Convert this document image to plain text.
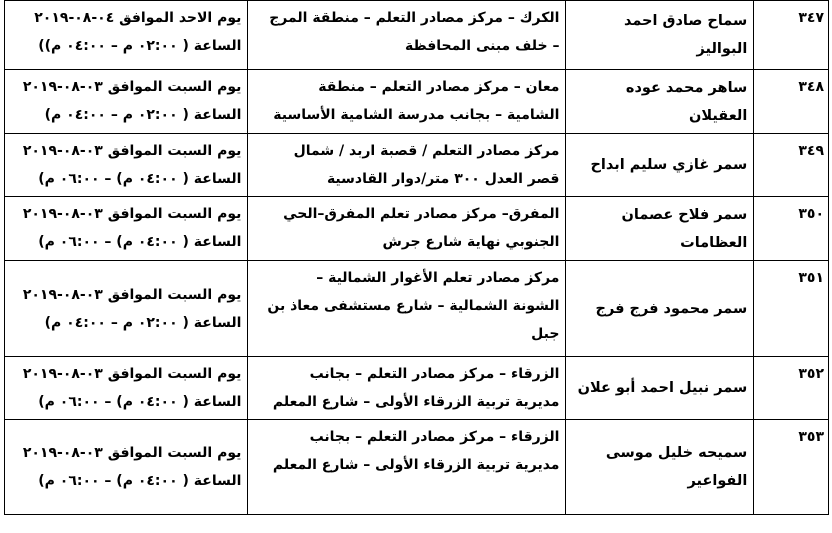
٣٤٧	سماح صادق احمد البواليز	الكرك – مركز مصادر التعلم – منطقة المرج
– خلف مبنى المحافظة	يوم الاحد الموافق ٠٤-٠٨-٢٠١٩
الساعة ( ٠٢:٠٠ م – ٠٤:٠٠ م))

٣٤٨	ساهر محمد عوده العقيلان	معان – مركز مصادر التعلم – منطقة
الشامية – بجانب مدرسة الشامية الأساسية	يوم السبت الموافق ٠٣-٠٨-٢٠١٩
الساعة ( ٠٢:٠٠ م – ٠٤:٠٠ م)

٣٤٩	سمر غازي سليم ابداح	مركز مصادر التعلم / قصبة اربد / شمال
قصر العدل ٣٠٠ متر/دوار القادسية	يوم السبت الموافق ٠٣-٠٨-٢٠١٩
الساعة ( ٠٤:٠٠ م) – ٠٦:٠٠ م)

٣٥٠	سمر فلاح عصمان العظامات	المفرق– مركز مصادر تعلم المفرق–الحي
الجنوبي نهاية شارع جرش	يوم السبت الموافق ٠٣-٠٨-٢٠١٩
الساعة ( ٠٤:٠٠ م) – ٠٦:٠٠ م)

٣٥١	سمر محمود فرج فرج	مركز مصادر تعلم الأغوار الشمالية –
الشونة الشمالية – شارع مستشفى معاذ بن
جبل	يوم السبت الموافق ٠٣-٠٨-٢٠١٩
الساعة ( ٠٢:٠٠ م – ٠٤:٠٠ م)

٣٥٢	سمر نبيل احمد أبو علان	الزرقاء – مركز مصادر التعلم – بجانب
مديرية تربية الزرقاء الأولى – شارع المعلم	يوم السبت الموافق ٠٣-٠٨-٢٠١٩
الساعة ( ٠٤:٠٠ م) – ٠٦:٠٠ م)

٣٥٣	سميحه خليل موسى الفواعير	الزرقاء – مركز مصادر التعلم – بجانب
مديرية تربية الزرقاء الأولى – شارع المعلم	يوم السبت الموافق ٠٣-٠٨-٢٠١٩
الساعة ( ٠٤:٠٠ م) – ٠٦:٠٠ م)
